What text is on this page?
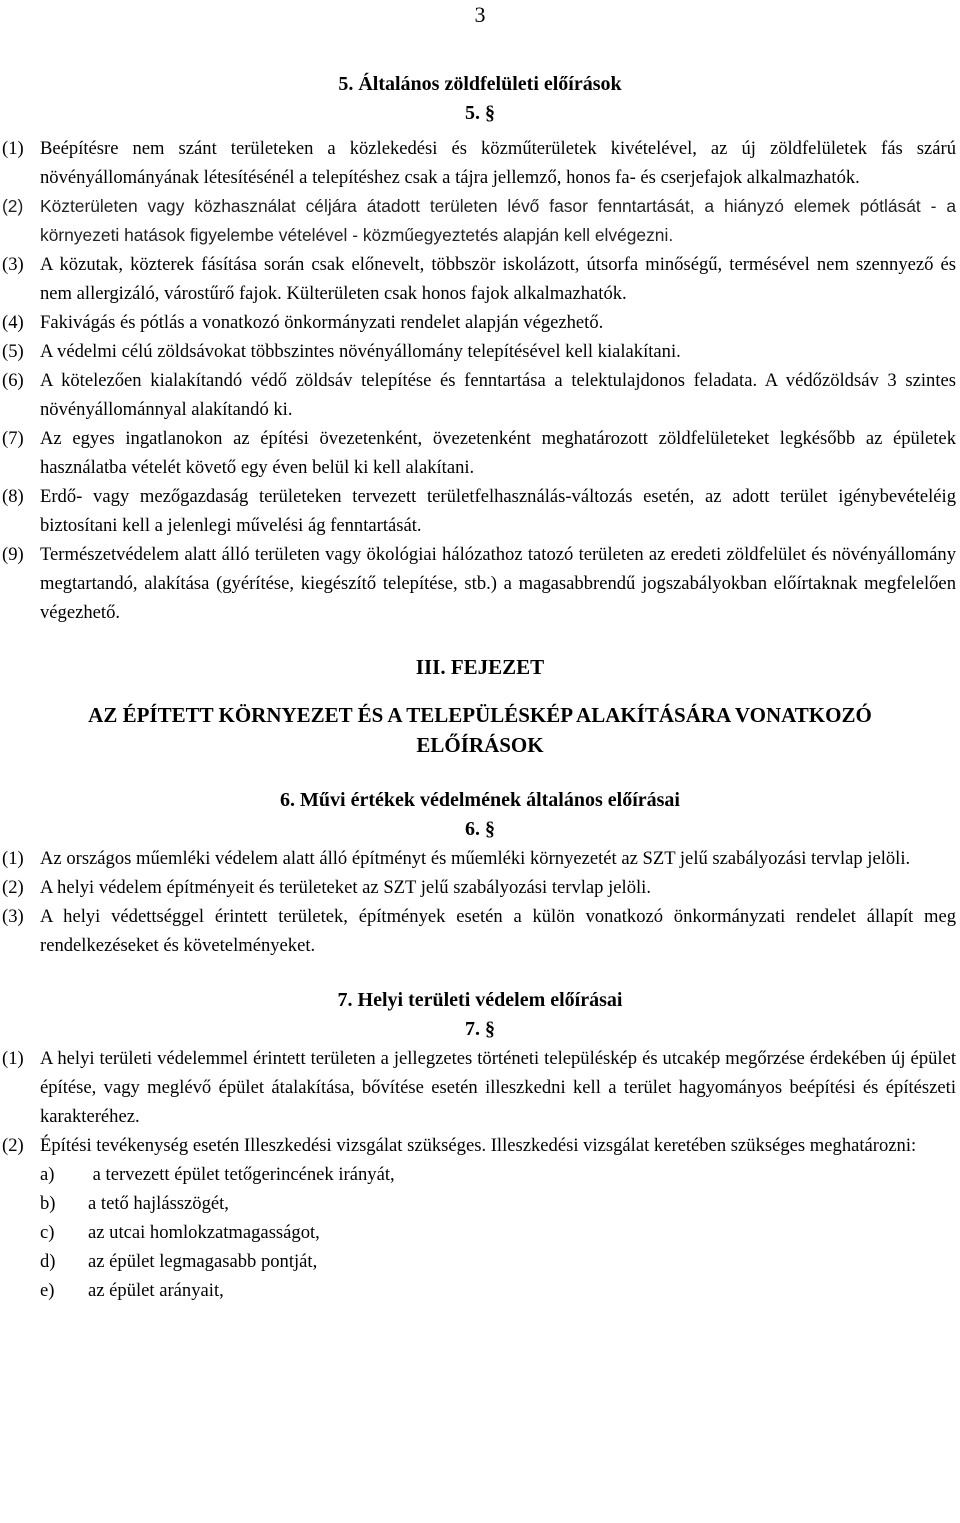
3
5. Általános zöldfelületi előírások
5. §
(1) Beépítésre nem szánt területeken a közlekedési és közműterületek kivételével, az új zöldfelületek fás szárú növényállományának létesítésénél a telepítéshez csak a tájra jellemző, honos fa- és cserjefajok alkalmazhatók.
(2) Közterületen vagy közhasználat céljára átadott területen lévő fasor fenntartását, a hiányzó elemek pótlását - a környezeti hatások figyelembe vételével - közműegyeztetés alapján kell elvégezni.
(3) A közutak, közterek fásítása során csak előnevelt, többször iskolázott, útsorfa minőségű, termésével nem szennyező és nem allergizáló, várostűrő fajok. Külterületen csak honos fajok alkalmazhatók.
(4) Fakivágás és pótlás a vonatkozó önkormányzati rendelet alapján végezhető.
(5) A védelmi célú zöldsávokat többszintes növényállomány telepítésével kell kialakítani.
(6) A kötelezően kialakítandó védő zöldsáv telepítése és fenntartása a telektulajdonos feladata. A védőzöldsáv 3 szintes növényállománnyal alakítandó ki.
(7) Az egyes ingatlanokon az építési övezetenként, övezetenként meghatározott zöldfelületeket legkésőbb az épületek használatba vételét követő egy éven belül ki kell alakítani.
(8) Erdő- vagy mezőgazdaság területeken tervezett területfelhasználás-változás esetén, az adott terület igénybevételéig biztosítani kell a jelenlegi művelési ág fenntartását.
(9) Természetvédelem alatt álló területen vagy ökológiai hálózathoz tatozó területen az eredeti zöldfelület és növényállomány megtartandó, alakítása (gyérítése, kiegészítő telepítése, stb.) a magasabbrendű jogszabályokban előírtaknak megfelelően végezhető.
III. FEJEZET
AZ ÉPÍTETT KÖRNYEZET ÉS A TELEPÜLÉSKÉP ALAKÍTÁSÁRA VONATKOZÓ
ELŐÍRÁSOK
6. Művi értékek védelmének általános előírásai
6. §
(1) Az országos műemléki védelem alatt álló építményt és műemléki környezetét az SZT jelű szabályozási tervlap jelöli.
(2) A helyi védelem építményeit és területeket az SZT jelű szabályozási tervlap jelöli.
(3) A helyi védettséggel érintett területek, építmények esetén a külön vonatkozó önkormányzati rendelet állapít meg rendelkezéseket és követelményeket.
7. Helyi területi védelem előírásai
7. §
(1) A helyi területi védelemmel érintett területen a jellegzetes történeti településkép és utcakép megőrzése érdekében új épület építése, vagy meglévő épület átalakítása, bővítése esetén illeszkedni kell a terület hagyományos beépítési és építészeti karakteréhez.
(2) Építési tevékenység esetén Illeszkedési vizsgálat szükséges. Illeszkedési vizsgálat keretében szükséges meghatározni:
a) a tervezett épület tetőgerincének irányát,
b) a tető hajlásszögét,
c) az utcai homlokzatmagasságot,
d) az épület legmagasabb pontját,
e) az épület arányait,
